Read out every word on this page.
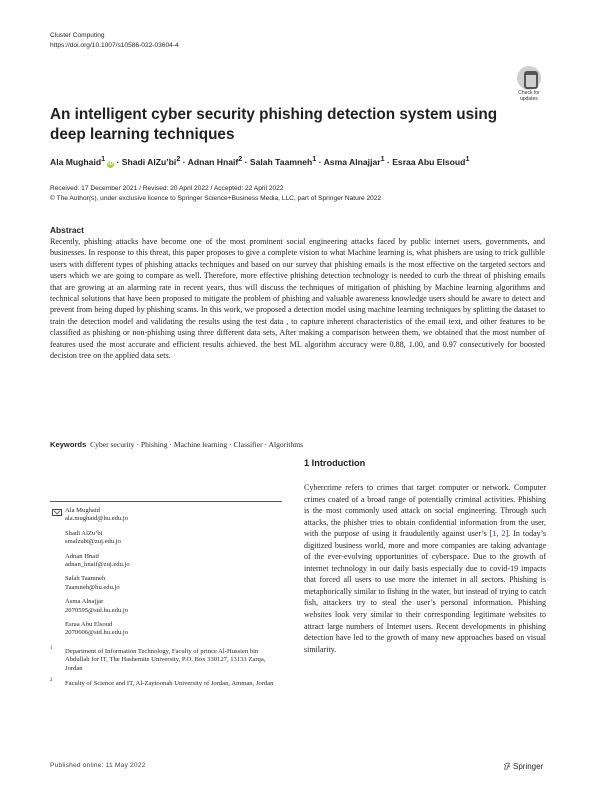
Cluster Computing
https://doi.org/10.1007/s10586-022-03604-4
Check for
updates
An intelligent cyber security phishing detection system using deep learning techniques
Ala Mughaid$^1$iD · Shadi $AlZu’bi^2$ · Adnan Hnaif$^2$ · Salah Taamneh$^1$ · Asma Alnajjar$^1$ · Esraa Abu Elsoud$^1$
Received: 17 December 2021 / Revised: 20 April 2022 / Accepted: 22 April 2022
© The Author(s), under exclusive licence to Springer Science+Business Media, LLC, part of Springer Nature 2022
Abstract
Recently, phishing attacks have become one of the most prominent social engineering attacks faced by public internet users, governments, and businesses. In response to this threat, this paper proposes to give a complete vision to what Machine learning is, what phishers are using to trick gullible users with different types of phishing attacks techniques and based on our survey that phishing emails is the most effective on the targeted sectors and users which we are going to compare as well. Therefore, more effective phishing detection technology is needed to curb the threat of phishing emails that are growing at an alarming rate in recent years, thus will discuss the techniques of mitigation of phishing by Machine learning algorithms and technical solutions that have been proposed to mitigate the problem of phishing and valuable awareness knowledge users should be aware to detect and prevent from being duped by phishing scams. In this work, we proposed a detection model using machine learning techniques by splitting the dataset to train the detection model and validating the results using the test data , to capture inherent characteristics of the email text, and other features to be classified as phishing or non-phishing using three different data sets, After making a comparison between them, we obtained that the most number of features used the most accurate and efficient results achieved. the best ML algorithm accuracy were 0.88, 1.00, and 0.97 consecutively for boosted decision tree on the applied data sets.
Keywords Cyber security · Phishing · Machine learning · Classifier · Algorithms
Ala Mughaid
ala.mughaid@hu.edu.jo
Shadi AlZu’bi
smalzubi@zuj.edu.jo
Adnan Hnaif
adnan_hnaif@zuj.edu.jo
Salah Taamneh
Taamneh@hu.edu.jo
Asma Alnajjar
2070595@std.hu.edu.jo
Esraa Abu Elsoud
2070606@std.hu.edu.jo
1 Department of Information Technology, Faculty of prince Al-Hussien bin Abdullah for IT, The Hashemite University, P.O. Box 330127, 13133 Zarqa, Jordan
2 Faculty of Science and IT, Al-Zaytoonah University of Jordan, Amman, Jordan
1 Introduction
Cybercrime refers to crimes that target computer or network. Computer crimes coated of a broad range of potentially criminal activities. Phishing is the most commonly used attack on social engineering. Through such attacks, the phisher tries to obtain confidential information from the user, with the purpose of using it fraudulently against user’s [1, 2]. In today’s digitized business world, more and more companies are taking advantage of the ever-evolving opportunities of cyberspace. Due to the growth of internet technology in our daily basis especially due to covid-19 impacts that forced all users to use more the internet in all sectors. Phishing is metaphorically similar to fishing in the water, but instead of trying to catch fish, attackers try to steal the user’s personal information. Phishing websites look very similar to their corresponding legitimate websites to attract large numbers of Internet users. Recent developments in phishing detection have led to the growth of many new approaches based on visual similarity.
Published online: 11 May 2022	Springer
